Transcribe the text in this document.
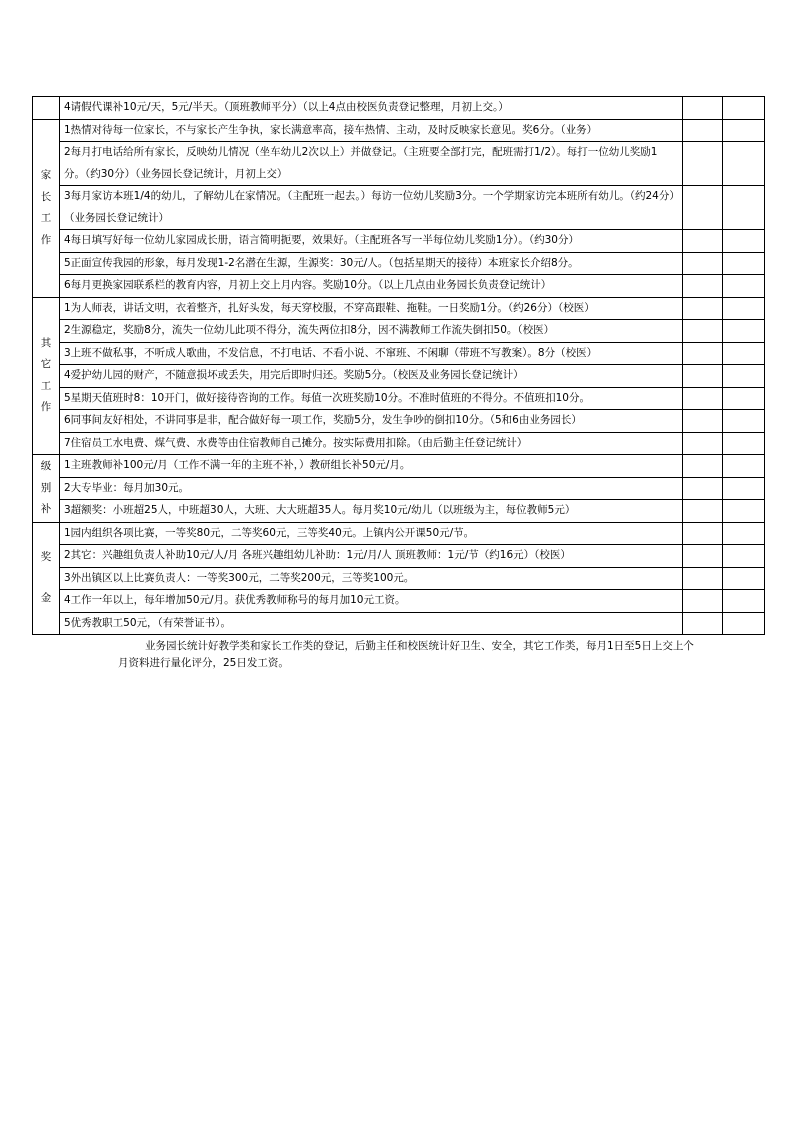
	4请假代课补10元/天，5元/半天。（顶班教师平分）（以上4点由校医负责登记整理，月初上交。）		

家
长
工
作	1热情对待每一位家长，不与家长产生争执，家长满意率高，接车热情、主动，及时反映家长意见。奖6分。（业务）		
	2每月打电话给所有家长，反映幼儿情况（坐车幼儿2次以上）并做登记。（主班要全部打完，配班需打1/2）。每打一位幼儿奖励1分。（约30分）（业务园长登记统计，月初上交）		
	3每月家访本班1/4的幼儿，了解幼儿在家情况。（主配班一起去。）每访一位幼儿奖励3分。一个学期家访完本班所有幼儿。（约24分）（业务园长登记统计）		
	4每日填写好每一位幼儿家园成长册，语言简明扼要，效果好。（主配班各写一半每位幼儿奖励1分）。（约30分）		
	5正面宣传我园的形象，每月发现1-2名潜在生源，生源奖：30元/人。（包括星期天的接待）本班家长介绍8分。		
	6每月更换家园联系栏的教育内容，月初上交上月内容。奖励10分。（以上几点由业务园长负责登记统计）		

其
它
工
作	1为人师表，讲话文明，衣着整齐，扎好头发，每天穿校服，不穿高跟鞋、拖鞋。一日奖励1分。（约26分）（校医）		
	2生源稳定，奖励8分，流失一位幼儿此项不得分，流失两位扣8分，因不满教师工作流失倒扣50。（校医）		
	3上班不做私事，不听成人歌曲，不发信息，不打电话、不看小说、不窜班、不闲聊（带班不写教案）。8分（校医）		
	4爱护幼儿园的财产，不随意损坏或丢失，用完后即时归还。奖励5分。（校医及业务园长登记统计）		
	5星期天值班时8：10开门，做好接待咨询的工作。每值一次班奖励10分。不准时值班的不得分。不值班扣10分。		
	6同事间友好相处，不讲同事是非，配合做好每一项工作，奖励5分，发生争吵的倒扣10分。（5和6由业务园长）		
	7住宿员工水电费、煤气费、水费等由住宿教师自己摊分。按实际费用扣除。（由后勤主任登记统计）		

级
别
补	1主班教师补100元/月（工作不满一年的主班不补，）教研组长补50元/月。		
	2大专毕业：每月加30元。		
	3超额奖：小班超25人，中班超30人，大班、大大班超35人。每月奖10元/幼儿（以班级为主，每位教师5元）		

奖
金	1园内组织各项比赛，一等奖80元，二等奖60元，三等奖40元。上镇内公开课50元/节。		
	2其它：兴趣组负责人补助10元/人/月 各班兴趣组幼儿补助：1元/月/人 顶班教师：1元/节（约16元）（校医）		
	3外出镇区以上比赛负责人：一等奖300元，二等奖200元，三等奖100元。		
	4工作一年以上，每年增加50元/月。获优秀教师称号的每月加10元工资。		
	5优秀教职工50元，（有荣誉证书）。		
业务园长统计好教学类和家长工作类的登记，后勤主任和校医统计好卫生、安全，其它工作类，每月1日至5日上交上个月资料进行量化评分，25日发工资。
